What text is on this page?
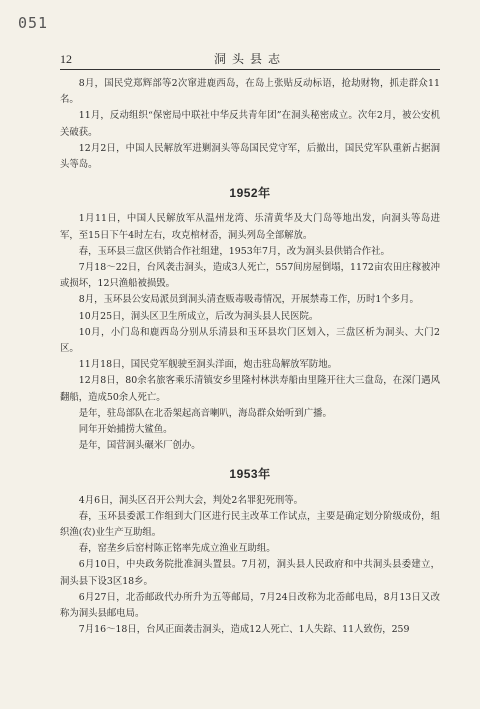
051
12	洞头县志

8月，国民党郑辉部等2次窜进鹿西岛，在岛上张贴反动标语，抢劫财物，抓走群众11名。

11月，反动组织“保密局中联社中华反共青年团”在洞头秘密成立。次年2月，被公安机关破获。

12月2日，中国人民解放军进剿洞头等岛国民党守军，后撤出，国民党军队重新占据洞头等岛。

1952年

1月11日，中国人民解放军从温州龙湾、乐清黄华及大门岛等地出发，向洞头等岛进军，至15日下午4时左右，攻克棺材岙，洞头列岛全部解放。

春，玉环县三盘区供销合作社组建，1953年7月，改为洞头县供销合作社。

7月18～22日，台风袭击洞头，造成3人死亡，557间房屋倒塌，1172亩农田庄稼被冲或损坏，12只渔船被损毁。

8月，玉环县公安局派员到洞头清查贩毒吸毒情况，开展禁毒工作，历时1个多月。

10月25日，洞头区卫生所成立，后改为洞头县人民医院。

10月，小门岛和鹿西岛分别从乐清县和玉环县坎门区划入，三盘区析为洞头、大门2区。

11月18日，国民党军舰驶至洞头洋面，炮击驻岛解放军防地。

12月8日，80余名旅客乘乐清镇安乡里隆村林洪寿船由里隆开往大三盘岛，在深门遇风翻船，造成50余人死亡。

是年，驻岛部队在北岙架起高音喇叭，海岛群众始听到广播。

同年开始捕捞大鲨鱼。

是年，国营洞头碾米厂创办。

1953年

4月6日，洞头区召开公判大会，判处2名罪犯死刑等。

春，玉环县委派工作组到大门区进行民主改革工作试点，主要是确定划分阶级成份，组织渔(农)业生产互助组。

春，窑垄乡后窑村陈正铭率先成立渔业互助组。

6月10日，中央政务院批准洞头置县。7月初，洞头县人民政府和中共洞头县委建立，洞头县下设3区18乡。

6月27日，北岙邮政代办所升为五等邮局，7月24日改称为北岙邮电局，8月13日又改称为洞头县邮电局。

7月16～18日，台风正面袭击洞头，造成12人死亡、1人失踪、11人致伤，259
